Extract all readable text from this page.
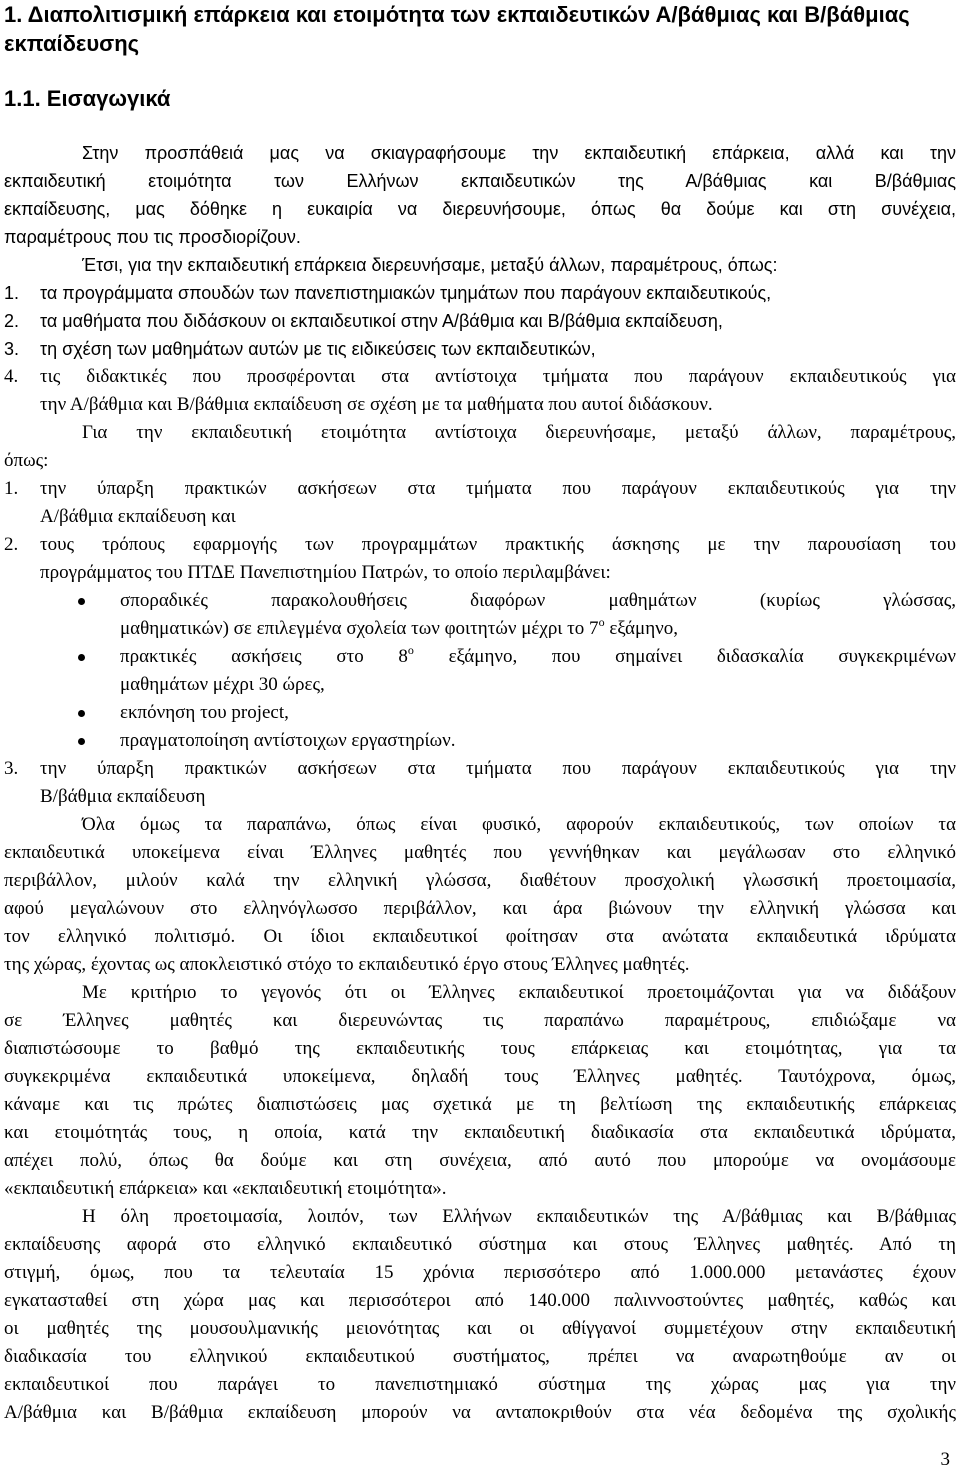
1. Διαπολιτισμική επάρκεια και ετοιμότητα των εκπαιδευτικών Α/βάθμιας και Β/βάθμιας
εκπαίδευσης
1.1. Εισαγωγικά
Στην προσπάθειά μας να σκιαγραφήσουμε την εκπαιδευτική επάρκεια, αλλά και την
εκπαιδευτική ετοιμότητα των Ελλήνων εκπαιδευτικών της Α/βάθμιας και Β/βάθμιας
εκπαίδευσης, μας δόθηκε η ευκαιρία να διερευνήσουμε, όπως θα δούμε και στη συνέχεια,
παραμέτρους που τις προσδιορίζουν.
Έτσι, για την εκπαιδευτική επάρκεια διερευνήσαμε, μεταξύ άλλων, παραμέτρους, όπως:
1. τα προγράμματα σπουδών των πανεπιστημιακών τμημάτων που παράγουν εκπαιδευτικούς,
2. τα μαθήματα που διδάσκουν οι εκπαιδευτικοί στην Α/βάθμια και Β/βάθμια εκπαίδευση,
3. τη σχέση των μαθημάτων αυτών με τις ειδικεύσεις των εκπαιδευτικών,
4. τις διδακτικές που προσφέρονται στα αντίστοιχα τμήματα που παράγουν εκπαιδευτικούς για
την Α/βάθμια και Β/βάθμια εκπαίδευση σε σχέση με τα μαθήματα που αυτοί διδάσκουν.
Για την εκπαιδευτική ετοιμότητα αντίστοιχα διερευνήσαμε, μεταξύ άλλων, παραμέτρους,
όπως:
1. την ύπαρξη πρακτικών ασκήσεων στα τμήματα που παράγουν εκπαιδευτικούς για την
Α/βάθμια εκπαίδευση και
2. τους τρόπους εφαρμογής των προγραμμάτων πρακτικής άσκησης με την παρουσίαση του
προγράμματος του ΠΤΔΕ Πανεπιστημίου Πατρών, το οποίο περιλαμβάνει:
σποραδικές παρακολουθήσεις διαφόρων μαθημάτων (κυρίως γλώσσας,
μαθηματικών) σε επιλεγμένα σχολεία των φοιτητών μέχρι το $7^o$ εξάμηνο,
πρακτικές ασκήσεις στο $8^o$ εξάμηνο, που σημαίνει διδασκαλία συγκεκριμένων
μαθημάτων μέχρι 30 ώρες,
εκπόνηση του project,
πραγματοποίηση αντίστοιχων εργαστηρίων.
3. την ύπαρξη πρακτικών ασκήσεων στα τμήματα που παράγουν εκπαιδευτικούς για την
Β/βάθμια εκπαίδευση
Όλα όμως τα παραπάνω, όπως είναι φυσικό, αφορούν εκπαιδευτικούς, των οποίων τα
εκπαιδευτικά υποκείμενα είναι Έλληνες μαθητές που γεννήθηκαν και μεγάλωσαν στο ελληνικό
περιβάλλον, μιλούν καλά την ελληνική γλώσσα, διαθέτουν προσχολική γλωσσική προετοιμασία,
αφού μεγαλώνουν στο ελληνόγλωσσο περιβάλλον, και άρα βιώνουν την ελληνική γλώσσα και
τον ελληνικό πολιτισμό. Οι ίδιοι εκπαιδευτικοί φοίτησαν στα ανώτατα εκπαιδευτικά ιδρύματα
της χώρας, έχοντας ως αποκλειστικό στόχο το εκπαιδευτικό έργο στους Έλληνες μαθητές.
Με κριτήριο το γεγονός ότι οι Έλληνες εκπαιδευτικοί προετοιμάζονται για να διδάξουν
σε Έλληνες μαθητές και διερευνώντας τις παραπάνω παραμέτρους, επιδιώξαμε να
διαπιστώσουμε το βαθμό της εκπαιδευτικής τους επάρκειας και ετοιμότητας, για τα
συγκεκριμένα εκπαιδευτικά υποκείμενα, δηλαδή τους Έλληνες μαθητές. Ταυτόχρονα, όμως,
κάναμε και τις πρώτες διαπιστώσεις μας σχετικά με τη βελτίωση της εκπαιδευτικής επάρκειας
και ετοιμότητάς τους, η οποία, κατά την εκπαιδευτική διαδικασία στα εκπαιδευτικά ιδρύματα,
απέχει πολύ, όπως θα δούμε και στη συνέχεια, από αυτό που μπορούμε να ονομάσουμε
«εκπαιδευτική επάρκεια» και «εκπαιδευτική ετοιμότητα».
Η όλη προετοιμασία, λοιπόν, των Ελλήνων εκπαιδευτικών της Α/βάθμιας και Β/βάθμιας
εκπαίδευσης αφορά στο ελληνικό εκπαιδευτικό σύστημα και στους Έλληνες μαθητές. Από τη
στιγμή, όμως, που τα τελευταία 15 χρόνια περισσότερο από 1.000.000 μετανάστες έχουν
εγκατασταθεί στη χώρα μας και περισσότεροι από 140.000 παλιννοστούντες μαθητές, καθώς και
οι μαθητές της μουσουλμανικής μειονότητας και οι αθίγγανοί συμμετέχουν στην εκπαιδευτική
διαδικασία του ελληνικού εκπαιδευτικού συστήματος, πρέπει να αναρωτηθούμε αν οι
εκπαιδευτικοί που παράγει το πανεπιστημιακό σύστημα της χώρας μας για την
Α/βάθμια και Β/βάθμια εκπαίδευση μπορούν να ανταποκριθούν στα νέα δεδομένα της σχολικής
3
